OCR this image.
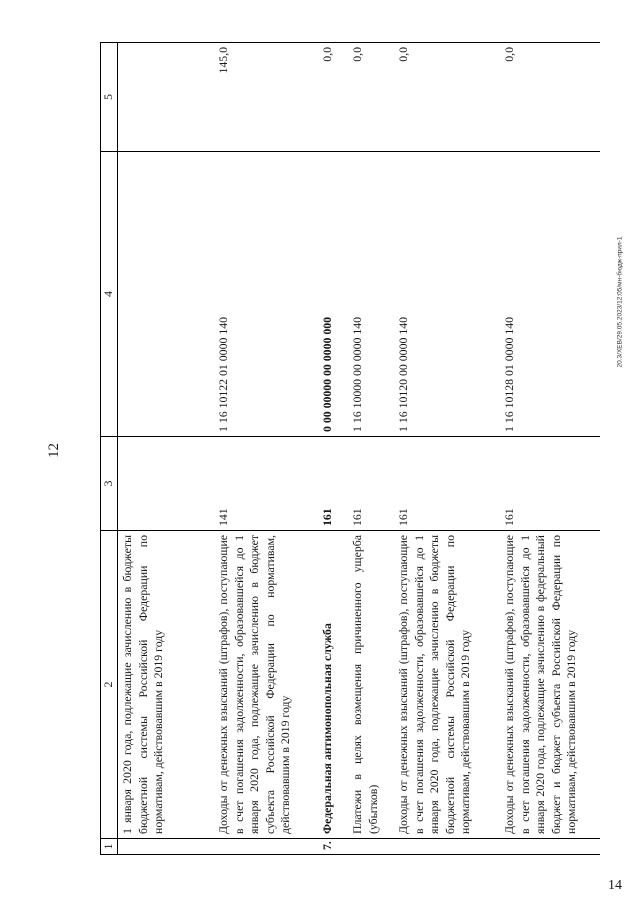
12
14
20.3/ХЕВ/29.05.2023/12:05/мн-бюдж-прил-1
1	2	3	4	5
	1 января 2020 года, подлежащие зачислению в бюджеты бюджетной системы Российской Федерации по нормативам, действовавшим в 2019 году			
	Доходы от денежных взысканий (штрафов), поступающие в счет погашения задолженности, образовавшейся до 1 января 2020 года, подлежащие зачислению в бюджет субъекта Российской Федерации по нормативам, действовавшим в 2019 году	141	1 16 10122 01 0000 140	145,0
7.	Федеральная антимонопольная служба	161	0 00 00000 00 0000 000	0,0
	Платежи в целях возмещения причиненного ущерба (убытков)	161	1 16 10000 00 0000 140	0,0
	Доходы от денежных взысканий (штрафов), поступающие в счет погашения задолженности, образовавшейся до 1 января 2020 года, подлежащие зачислению в бюджеты бюджетной системы Российской Федерации по нормативам, действовавшим в 2019 году	161	1 16 10120 00 0000 140	0,0
	Доходы от денежных взысканий (штрафов), поступающие в счет погашения задолженности, образовавшейся до 1 января 2020 года, подлежащие зачислению в федеральный бюджет и бюджет субъекта Российской Федерации по нормативам, действовавшим в 2019 году	161	1 16 10128 01 0000 140	0,0
